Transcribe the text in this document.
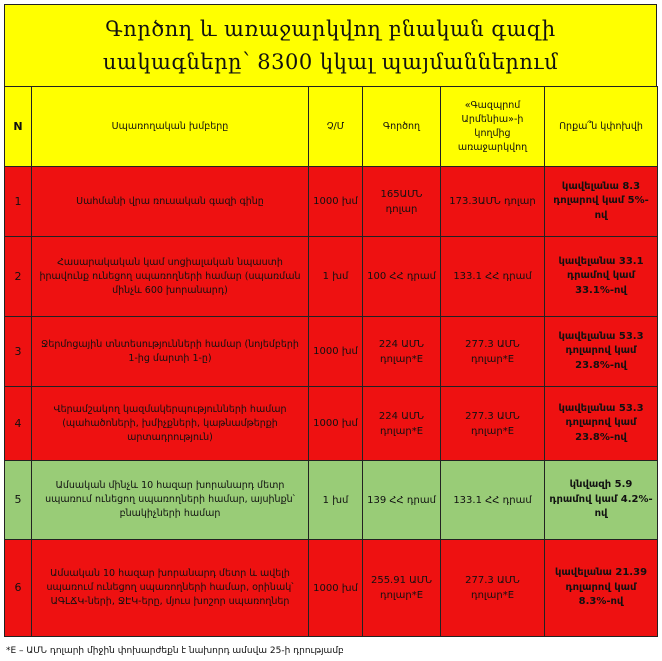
Գործող և առաջարկվող բնական գազի
սակագները՝ 8300 կկալ պայմաններում
N	Սպառողական խմբերը	Չ/Մ	Գործող	«Գազպրոմ Արմենիա»-ի կողմից առաջարկվող	Որքա՞ն կփոխվի
1	Սահմանի վրա ռուսական գազի գինը	1000 խմ	165ԱՄՆ դոլար	173.3ԱՄՆ դոլար	կավելանա 8.3 դոլարով կամ 5%-ով
2	Հասարակական կամ սոցիալական նպաստի իրավունք ունեցող սպառողների համար (սպառման մինչև 600 խորանարդ)	1 խմ	100 ՀՀ դրամ	133.1 ՀՀ դրամ	կավելանա 33.1 դրամով կամ 33.1%-ով
3	Ջերմոցային տնտեսությունների համար (նոյեմբերի 1-ից մարտի 1-ը)	1000 խմ	224 ԱՄՆ դոլար*Ε	277.3 ԱՄՆ դոլար*Ε	կավելանա 53.3 դոլարով կամ 23.8%-ով
4	Վերամշակող կազմակերպությունների համար (պահածոների, խմիչքների, կաթնամթերքի արտադրություն)	1000 խմ	224 ԱՄՆ դոլար*Ε	277.3 ԱՄՆ դոլար*Ε	կավելանա 53.3 դոլարով կամ 23.8%-ով
5	Ամսական մինչև 10 հազար խորանարդ մետր սպառում ունեցող սպառողների համար, այսինքն՝ բնակիչների համար	1 խմ	139 ՀՀ դրամ	133.1 ՀՀ դրամ	կնվազի 5.9 դրամով կամ 4.2%-ով
6	Ամսական 10 հազար խորանարդ մետր և ավելի սպառում ունեցող սպառողների համար, օրինակ՝ ԱԳԼՃԿ-ների, ՋԷԿ-երը, մյուս խոշոր սպառողներ	1000 խմ	255.91 ԱՄՆ դոլար*Ε	277.3 ԱՄՆ դոլար*Ε	կավելանա 21.39 դոլարով կամ 8.3%-ով
*Ε – ԱՄՆ դոլարի միջին փոխարժեքն է նախորդ ամսվա 25-ի դրությամբ
